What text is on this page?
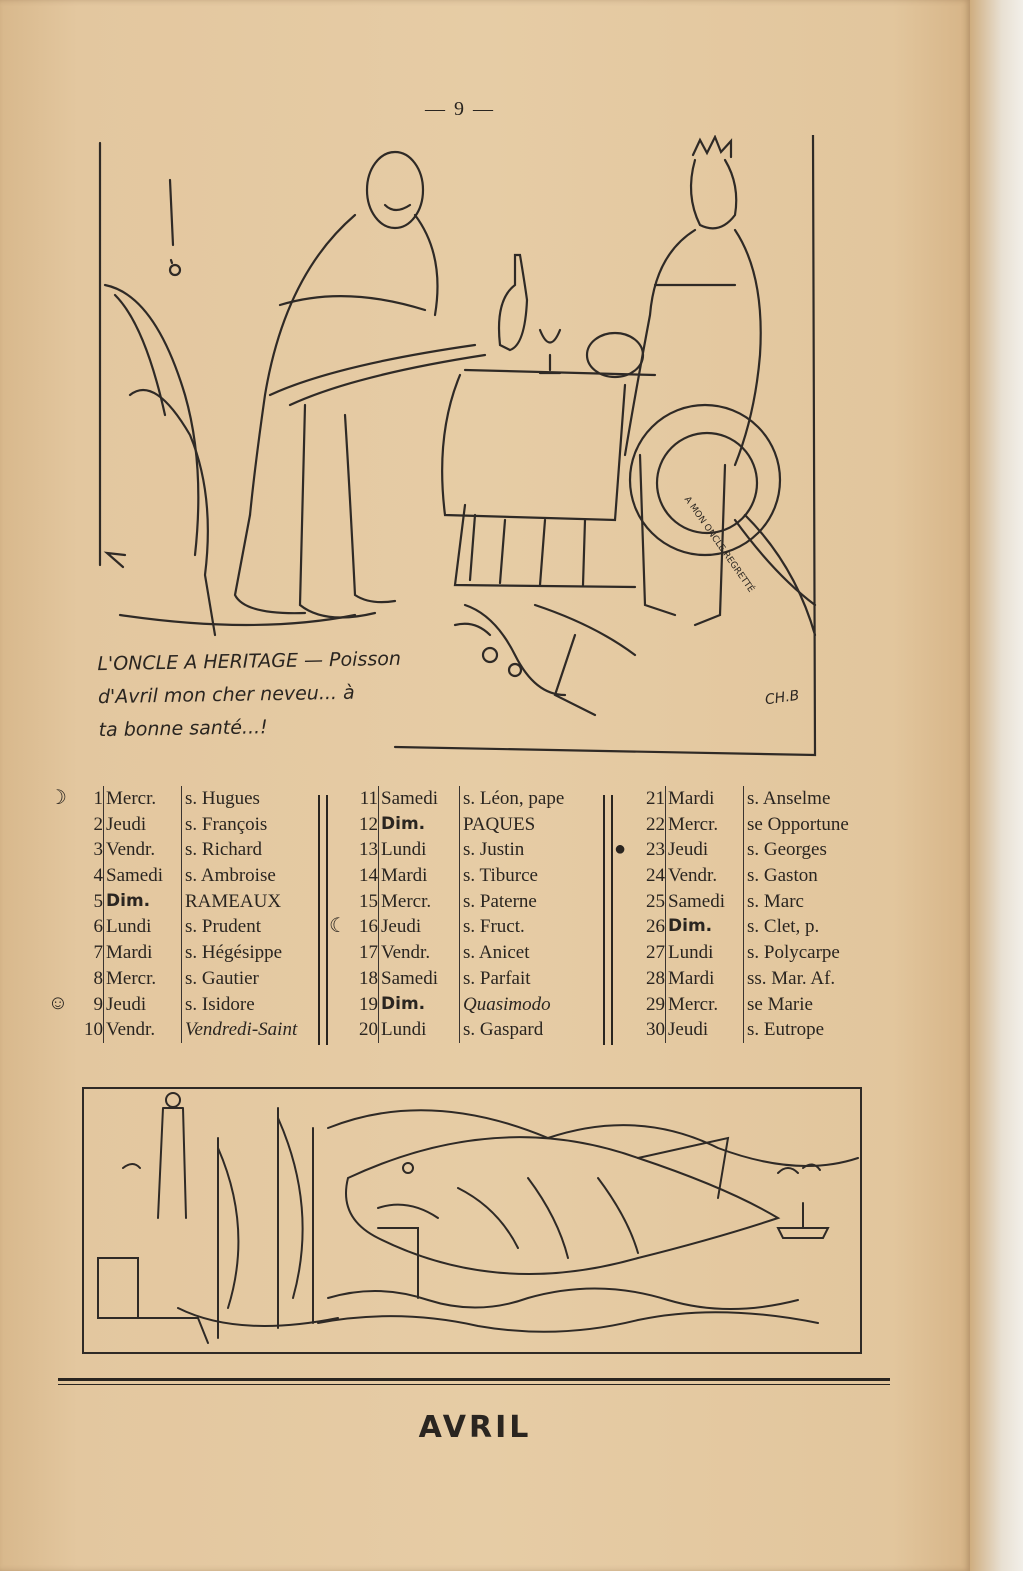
— 9 —
L'ONCLE A HERITAGE — Poisson
d'Avril mon cher neveu... à
ta bonne santé...!
CH.B
A MON ONCLE REGRETTÉ
☽ 1 Mercr.	s. Hugues
2 Jeudi	s. François
3 Vendr.	s. Richard
4 Samedi	s. Ambroise
5 Dim.	RAMEAUX
6 Lundi	s. Prudent
7 Mardi	s. Hégésippe
8 Mercr.	s. Gautier
☺ 9 Jeudi	s. Isidore
10 Vendr.	Vendredi-Saint
11 Samedi	s. Léon, pape
12 Dim.	PAQUES
13 Lundi	s. Justin
14 Mardi	s. Tiburce
15 Mercr.	s. Paterne
☾ 16 Jeudi	s. Fruct.
17 Vendr.	s. Anicet
18 Samedi	s. Parfait
19 Dim.	Quasimodo
20 Lundi	s. Gaspard
21 Mardi	s. Anselme
22 Mercr.	se Opportune
●	23 Jeudi	s. Georges
24 Vendr.	s. Gaston
25 Samedi	s. Marc
26 Dim.	s. Clet, p.
27 Lundi	s. Polycarpe
28 Mardi	ss. Mar. Af.
29 Mercr.	se Marie
30 Jeudi	s. Eutrope
AVRIL
